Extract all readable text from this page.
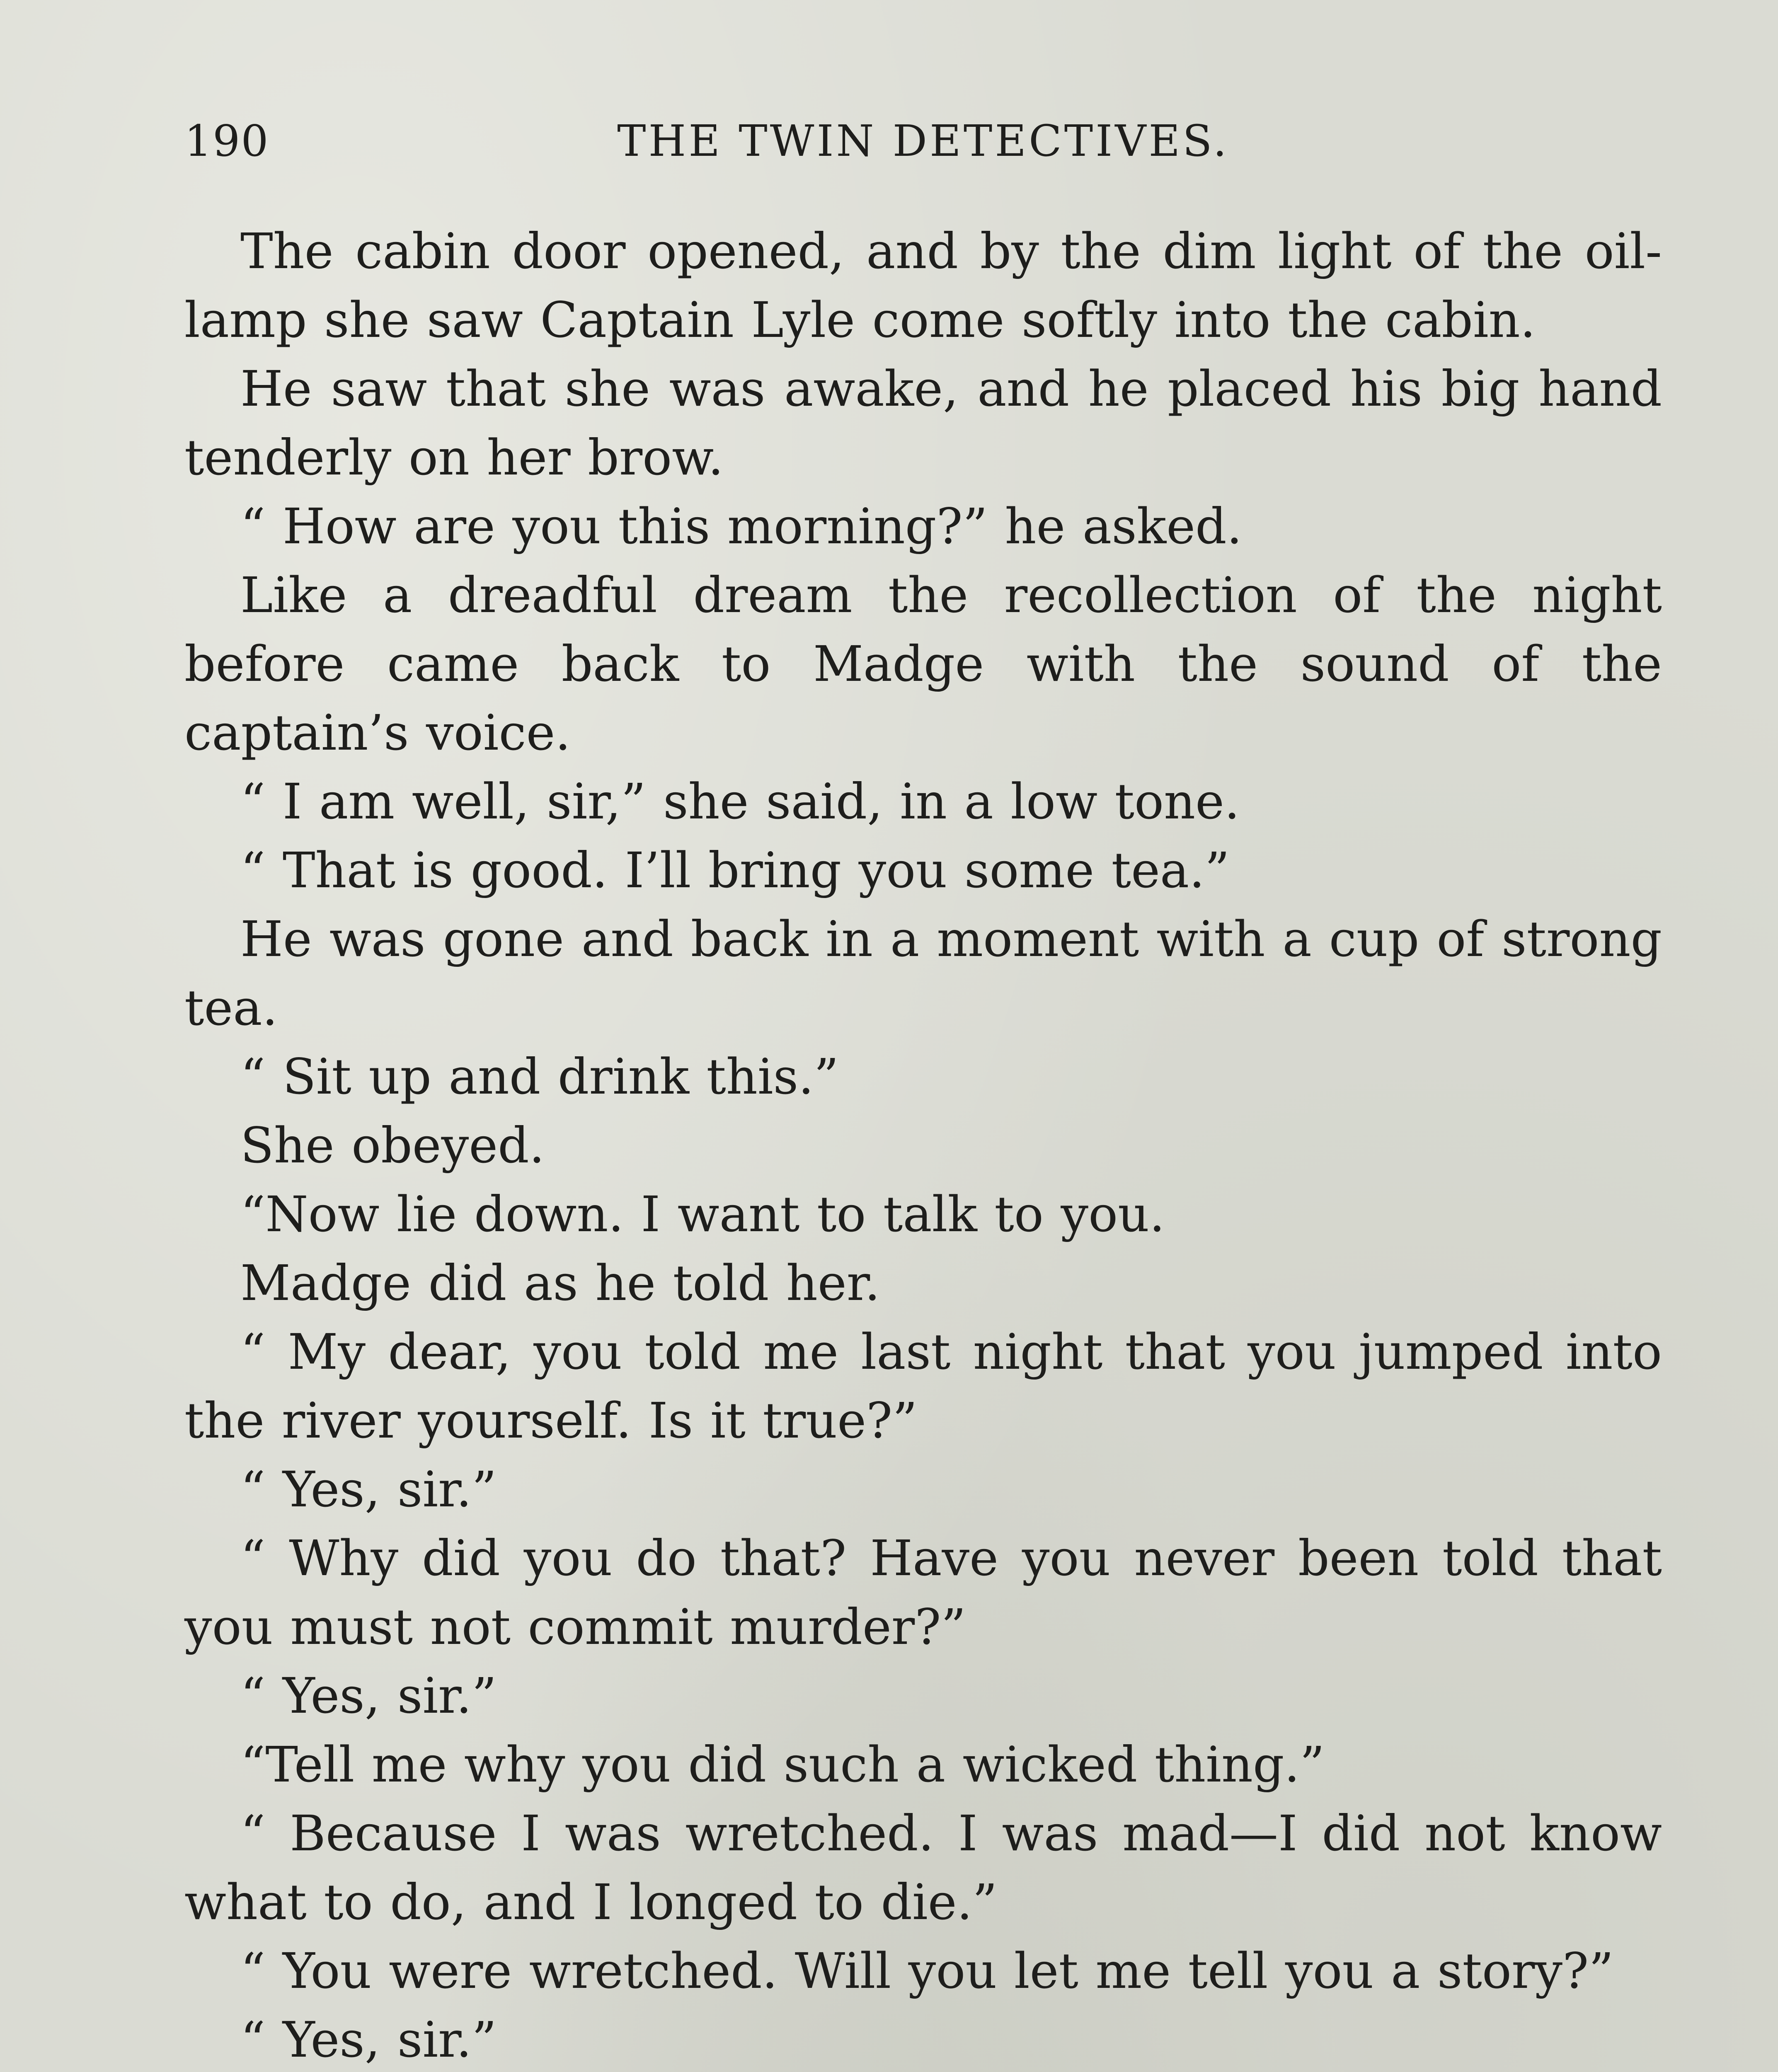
190	THE TWIN DETECTIVES.

The cabin door opened, and by the dim light of the oil-lamp she saw Captain Lyle come softly into the cabin.

He saw that she was awake, and he placed his big hand tenderly on her brow.

“ How are you this morning?” he asked.

Like a dreadful dream the recollection of the night before came back to Madge with the sound of the captain’s voice.

“ I am well, sir,” she said, in a low tone.

“ That is good. I’ll bring you some tea.”

He was gone and back in a moment with a cup of strong tea.

“ Sit up and drink this.”

She obeyed.

“Now lie down. I want to talk to you.

Madge did as he told her.

“ My dear, you told me last night that you jumped into the river yourself. Is it true?”

“ Yes, sir.”

“ Why did you do that? Have you never been told that you must not commit murder?”

“ Yes, sir.”

“Tell me why you did such a wicked thing.”

“ Because I was wretched. I was mad—I did not know what to do, and I longed to die.”

“ You were wretched. Will you let me tell you a story?”

“ Yes, sir.”
